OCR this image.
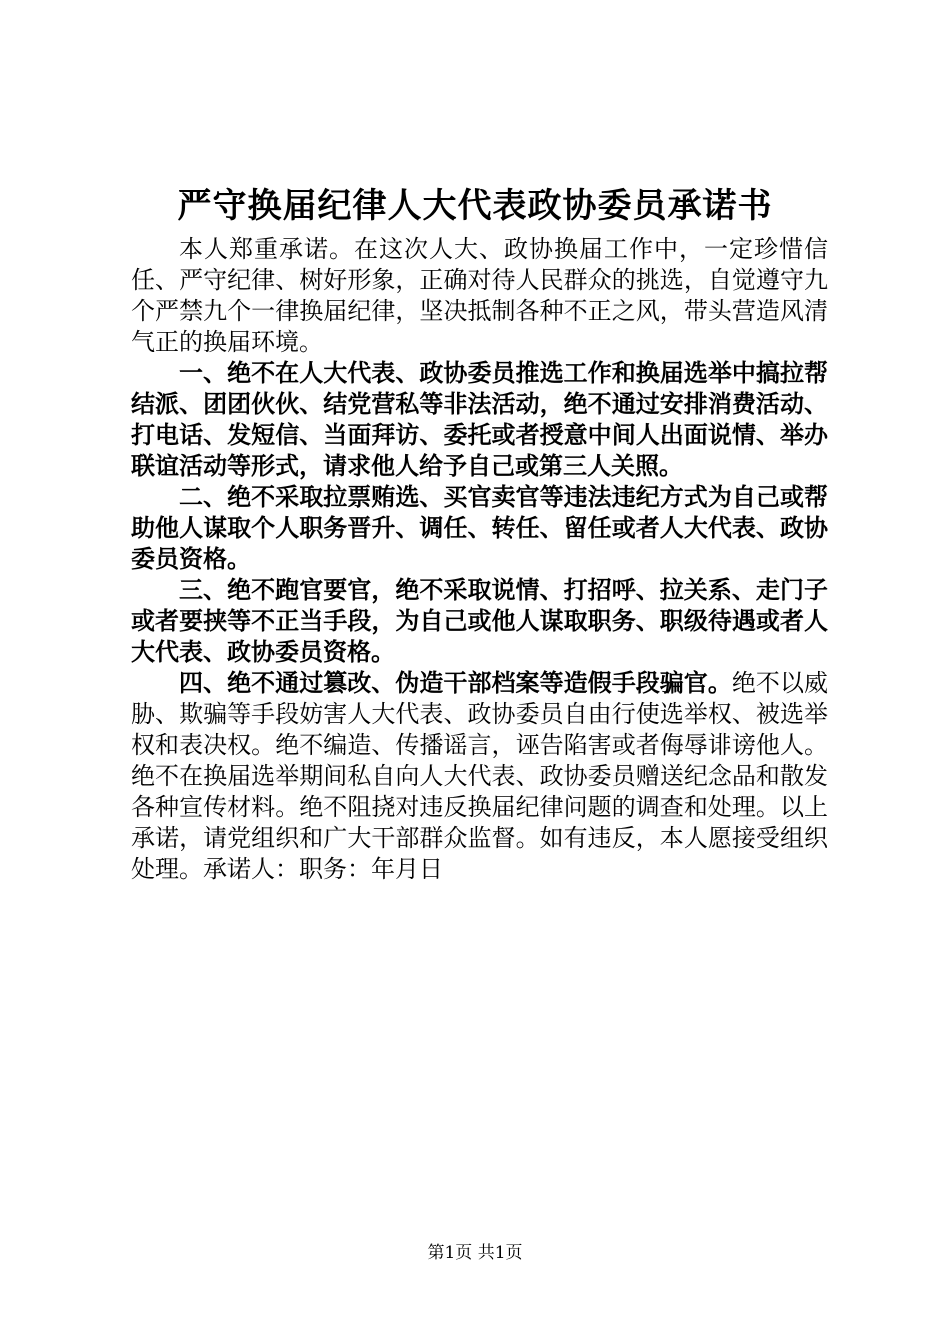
严守换届纪律人大代表政协委员承诺书

本人郑重承诺。在这次人大、政协换届工作中，一定珍惜信任、严守纪律、树好形象，正确对待人民群众的挑选，自觉遵守九个严禁九个一律换届纪律，坚决抵制各种不正之风，带头营造风清气正的换届环境。

一、绝不在人大代表、政协委员推选工作和换届选举中搞拉帮结派、团团伙伙、结党营私等非法活动，绝不通过安排消费活动、打电话、发短信、当面拜访、委托或者授意中间人出面说情、举办联谊活动等形式，请求他人给予自己或第三人关照。

二、绝不采取拉票贿选、买官卖官等违法违纪方式为自己或帮助他人谋取个人职务晋升、调任、转任、留任或者人大代表、政协委员资格。

三、绝不跑官要官，绝不采取说情、打招呼、拉关系、走门子或者要挟等不正当手段，为自己或他人谋取职务、职级待遇或者人大代表、政协委员资格。

四、绝不通过篡改、伪造干部档案等造假手段骗官。绝不以威胁、欺骗等手段妨害人大代表、政协委员自由行使选举权、被选举权和表决权。绝不编造、传播谣言，诬告陷害或者侮辱诽谤他人。绝不在换届选举期间私自向人大代表、政协委员赠送纪念品和散发各种宣传材料。绝不阻挠对违反换届纪律问题的调查和处理。以上承诺，请党组织和广大干部群众监督。如有违反，本人愿接受组织处理。承诺人：职务：年月日

第1页 共1页
